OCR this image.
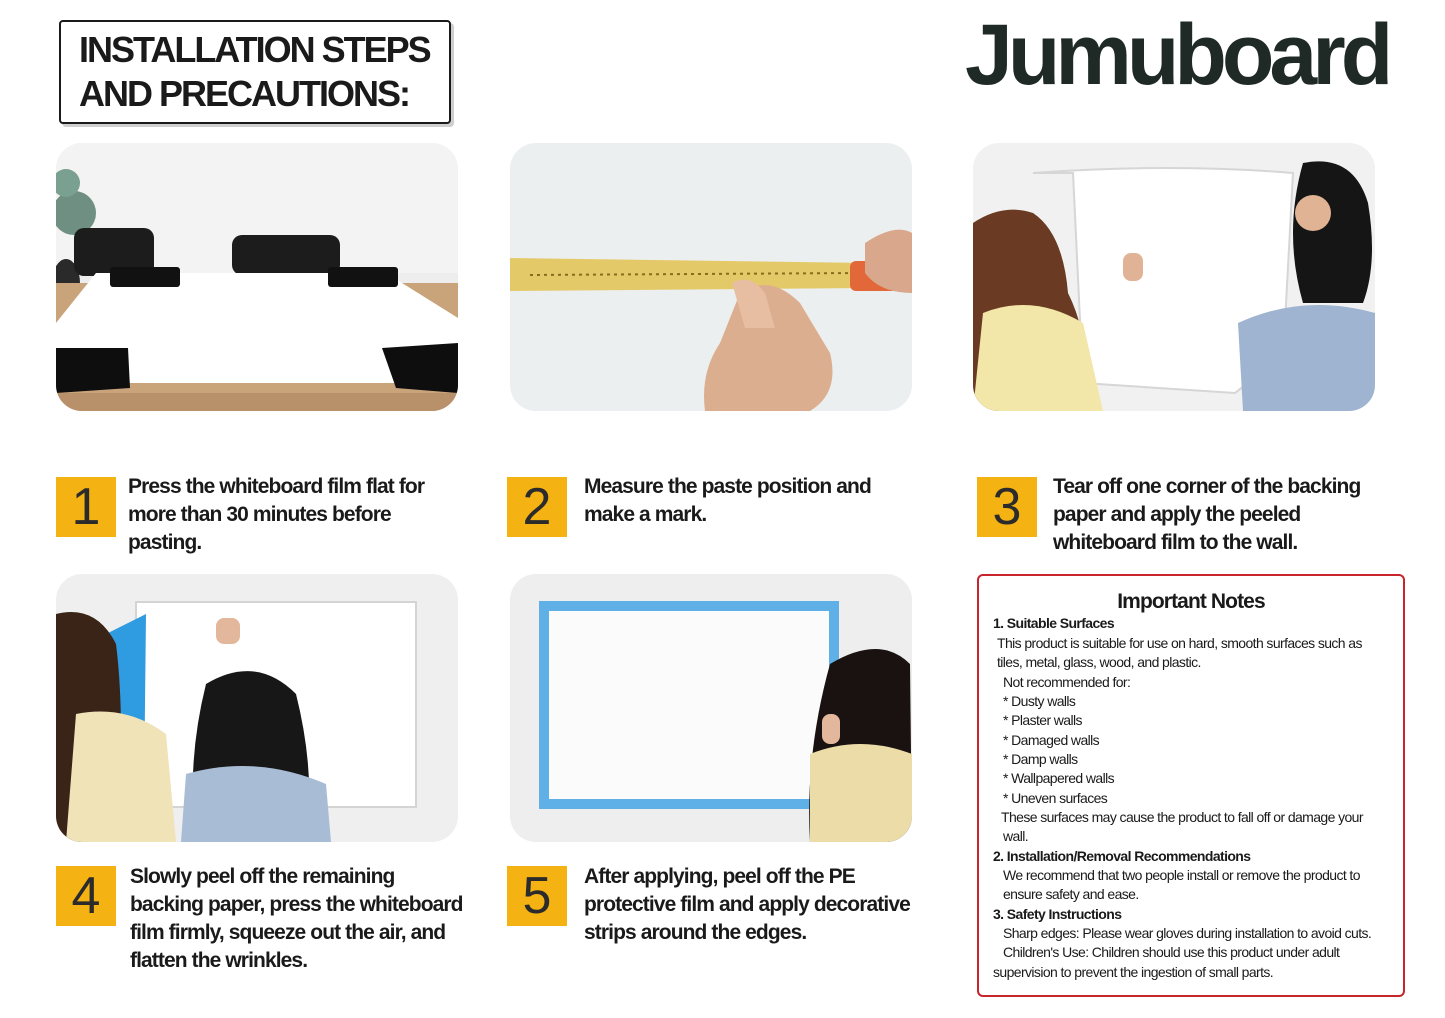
INSTALLATION STEPS
AND PRECAUTIONS:	Jumuboard
1	Press the whiteboard film flat for
more than 30 minutes before
pasting.
2	Measure the paste position and
make a mark.	3	Tear off one corner of the backing
paper and apply the peeled
whiteboard film to the wall.
4	Slowly peel off the remaining
backing paper, press the whiteboard
film firmly, squeeze out the air, and
flatten the wrinkles.
5	After applying, peel off the PE
protective film and apply decorative
strips around the edges.
Important Notes
1. Suitable Surfaces
This product is suitable for use on hard, smooth surfaces such as
tiles, metal, glass, wood, and plastic.
Not recommended for:
* Dusty walls
* Plaster walls
* Damaged walls
* Damp walls
* Wallpapered walls
* Uneven surfaces
These surfaces may cause the product to fall off or damage your
wall.
2. Installation/Removal Recommendations
We recommend that two people install or remove the product to
ensure safety and ease.
3. Safety Instructions
Sharp edges: Please wear gloves during installation to avoid cuts.
Children's Use: Children should use this product under adult
supervision to prevent the ingestion of small parts.
